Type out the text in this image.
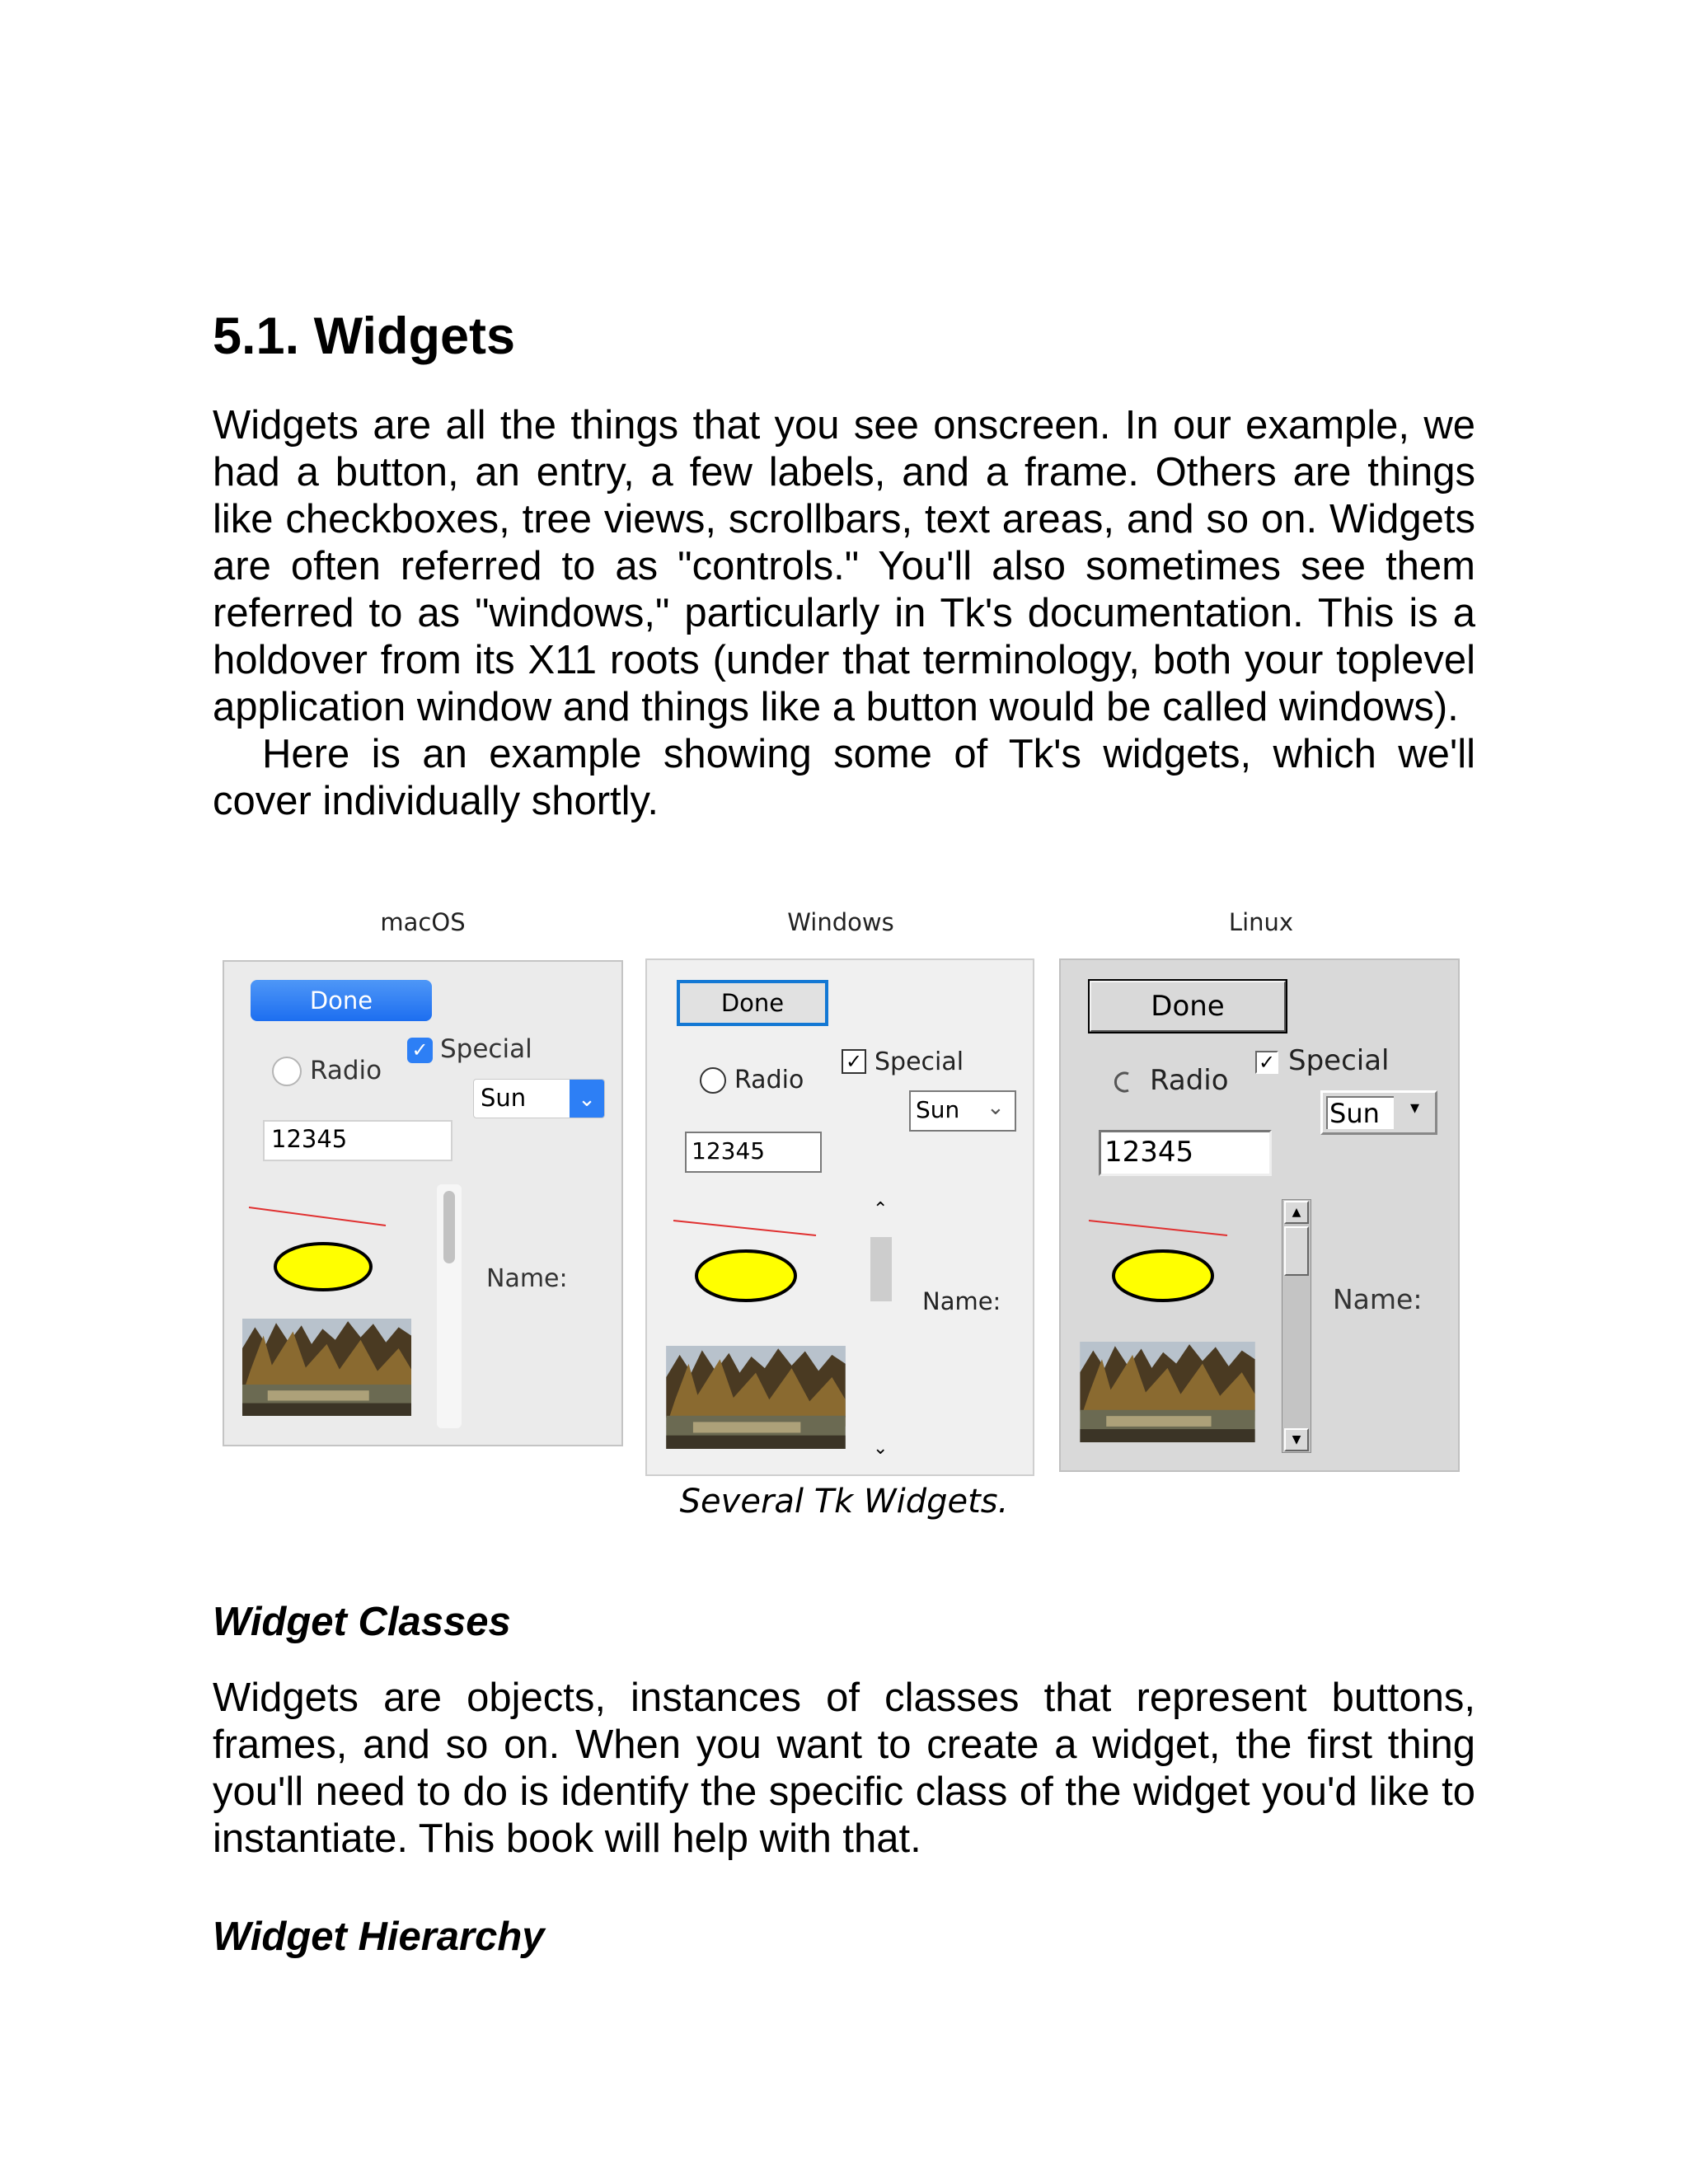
5.1. Widgets

Widgets are all the things that you see onscreen. In our example, we had a button, an entry, a few labels, and a frame. Others are things like checkboxes, tree views, scrollbars, text areas, and so on. Widgets are often referred to as "controls." You'll also sometimes see them referred to as "windows," particularly in Tk's documentation. This is a holdover from its X11 roots (under that terminology, both your toplevel application window and things like a button would be called windows).

Here is an example showing some of Tk's widgets, which we'll cover individually shortly.

Widget Classes

Widgets are objects, instances of classes that represent buttons, frames, and so on. When you want to create a widget, the first thing you'll need to do is identify the specific class of the widget you'd like to instantiate. This book will help with that.

Widget Hierarchy
macOS	Windows	Linux
Done
Radio
✓ Special
Sun	⌄
12345
Name:
Done
Radio
✓ Special
Sun ⌄
12345
⌃
⌄
Name:
Done
Radio
✓ Special
Sun ▾
12345
▲
▼
Name:

Several Tk Widgets.
